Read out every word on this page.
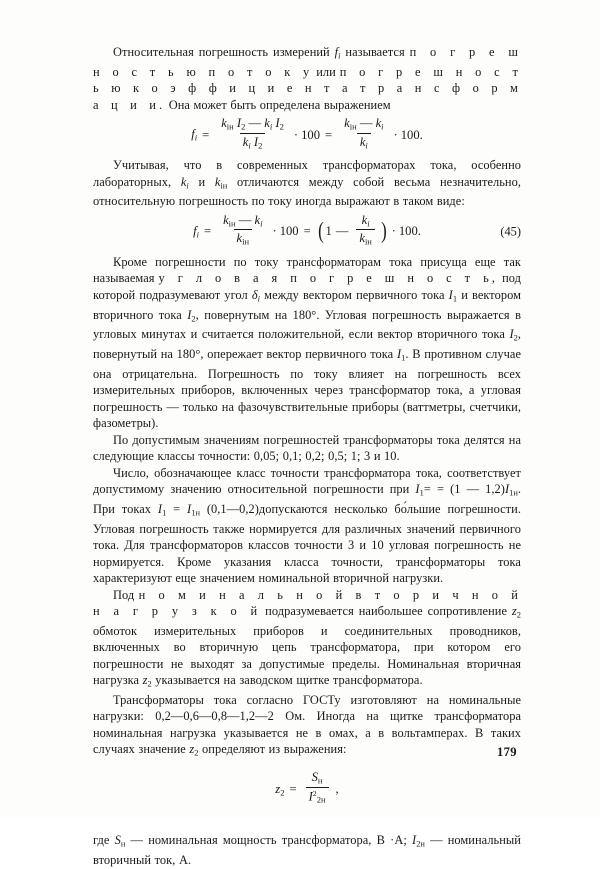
Относительная погрешность измерений fi называется п о г р е ш н о с т ь ю п о т о к у или п о г р е ш н о с т ь ю к о э ф ф и ц и е н т а т р а н с ф о р м а ц и и. Она может быть определена выражением

fi = $\frac{k_{iн} I_2 — ki I_2}{ki I_2} \cdot 100 = \frac{k_{iн} — ki}{ki} \cdot 100$.

Учитывая, что в современных трансформаторах тока, особенно лабораторных, ki и $k_{iн}$ отличаются между собой весьма незначительно, относительную погрешность по току иногда выражают в таком виде:

fi = $\frac{k_{iн} — ki}{k_{iн}} \cdot 100$ = ( 1 — $\frac{ki}{k_{iн}}$ ) · 100.	(45)

Кроме погрешности по току трансформаторам тока присуща еще так называемая у г л о в а я п о г р е ш н о с т ь, под которой подразумевают угол δi между вектором первичного тока $I_1$ и вектором вторичного тока $I_2$, повернутым на 180°. Угловая погрешность выражается в угловых минутах и считается положительной, если вектор вторичного тока $I_2$, повернутый на 180°, опережает вектор первичного тока $I_1$. В противном случае она отрицательна. Погрешность по току влияет на погрешность всех измерительных приборов, включенных через трансформатор тока, а угловая погрешность — только на фазочувствительные приборы (ваттметры, счетчики, фазометры).

По допустимым значениям погрешностей трансформаторы тока делятся на следующие классы точности: 0,05; 0,1; 0,2; 0,5; 1; 3 и 10.

Число, обозначающее класс точности трансформатора тока, соответствует допустимому значению относительной погрешности при $I_1= = (1$ — $1,2)I_{1н}$. При токах $I_1 = I_{1н}$ (0,1—0,2)допускаются несколько бо́льшие погрешности. Угловая погрешность также нормируется для различных значений первичного тока. Для трансформаторов классов точности 3 и 10 угловая погрешность не нормируется. Кроме указания класса точности, трансформаторы тока характеризуют еще значением номинальной вторичной нагрузки.

Под н о м и н а л ь н о й в т о р и ч н о й н а г р у з к о й подразумевается наибольшее сопротивление $z_2$ обмоток измерительных приборов и соединительных проводников, включенных во вторичную цепь трансформатора, при котором его погрешности не выходят за допустимые пределы. Номинальная вторичная нагрузка $z_2$ указывается на заводском щитке трансформатора.

Трансформаторы тока согласно ГОСТу изготовляют на номинальные нагрузки: 0,2—0,6—0,8—1,2—2 Ом. Иногда на щитке трансформатора номинальная нагрузка указывается не в омах, а в вольтамперах. В таких случаях значение $z_2$ определяют из выражения:

$z_2 = \frac{S_н}{I^2_{2н}}$ ,

где $S_н$ — номинальная мощность трансформатора, В ·А; $I_{2н}$ — номинальный вторичный ток, А.

179
